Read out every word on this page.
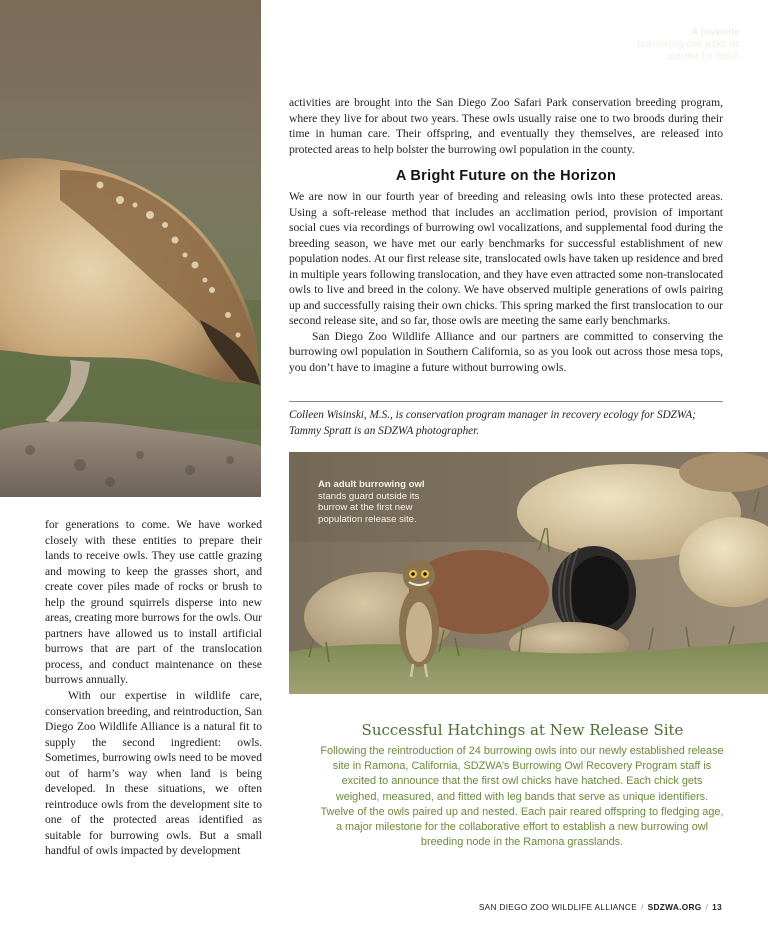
A juvenile
burrowing owl asks its parent for food.

activities are brought into the San Diego Zoo Safari Park conservation breeding program, where they live for about two years. These owls usually raise one to two broods during their time in human care. Their offspring, and eventually they themselves, are released into protected areas to help bolster the burrowing owl population in the county.

A Bright Future on the Horizon

We are now in our fourth year of breeding and releasing owls into these protected areas. Using a soft-release method that includes an acclimation period, provision of important social cues via recordings of burrowing owl vocalizations, and supplemental food during the breeding season, we have met our early benchmarks for successful establishment of new population nodes. At our first release site, translocated owls have taken up residence and bred in multiple years following translocation, and they have even attracted some non-translocated owls to live and breed in the colony. We have observed multiple generations of owls pairing up and successfully raising their own chicks. This spring marked the first translocation to our second release site, and so far, those owls are meeting the same early benchmarks.

San Diego Zoo Wildlife Alliance and our partners are committed to conserving the burrowing owl population in Southern California, so as you look out across those mesa tops, you don’t have to imagine a future without burrowing owls.

Colleen Wisinski, M.S., is conservation program manager in recovery ecology for SDZWA; Tammy Spratt is an SDZWA photographer.
An adult burrowing owl
stands guard outside its burrow at the first new population release site.

for generations to come. We have worked closely with these entities to prepare their lands to receive owls. They use cattle grazing and mowing to keep the grasses short, and create cover piles made of rocks or brush to help the ground squirrels disperse into new areas, creating more burrows for the owls. Our partners have allowed us to install artificial burrows that are part of the translocation process, and conduct maintenance on these burrows annually.

With our expertise in wildlife care, conservation breeding, and reintroduction, San Diego Zoo Wildlife Alliance is a natural fit to supply the second ingredient: owls. Sometimes, burrowing owls need to be moved out of harm’s way when land is being developed. In these situations, we often reintroduce owls from the development site to one of the protected areas identified as suitable for burrowing owls. But a small handful of owls impacted by development

Successful Hatchings at New Release Site
Following the reintroduction of 24 burrowing owls into our newly established release site in Ramona, California, SDZWA’s Burrowing Owl Recovery Program staff is excited to announce that the first owl chicks have hatched. Each chick gets weighed, measured, and fitted with leg bands that serve as unique identifiers. Twelve of the owls paired up and nested. Each pair reared offspring to fledging age, a major milestone for the collaborative effort to establish a new burrowing owl breeding node in the Ramona grasslands.
SAN DIEGO ZOO WILDLIFE ALLIANCE / SDZWA.ORG / 13
